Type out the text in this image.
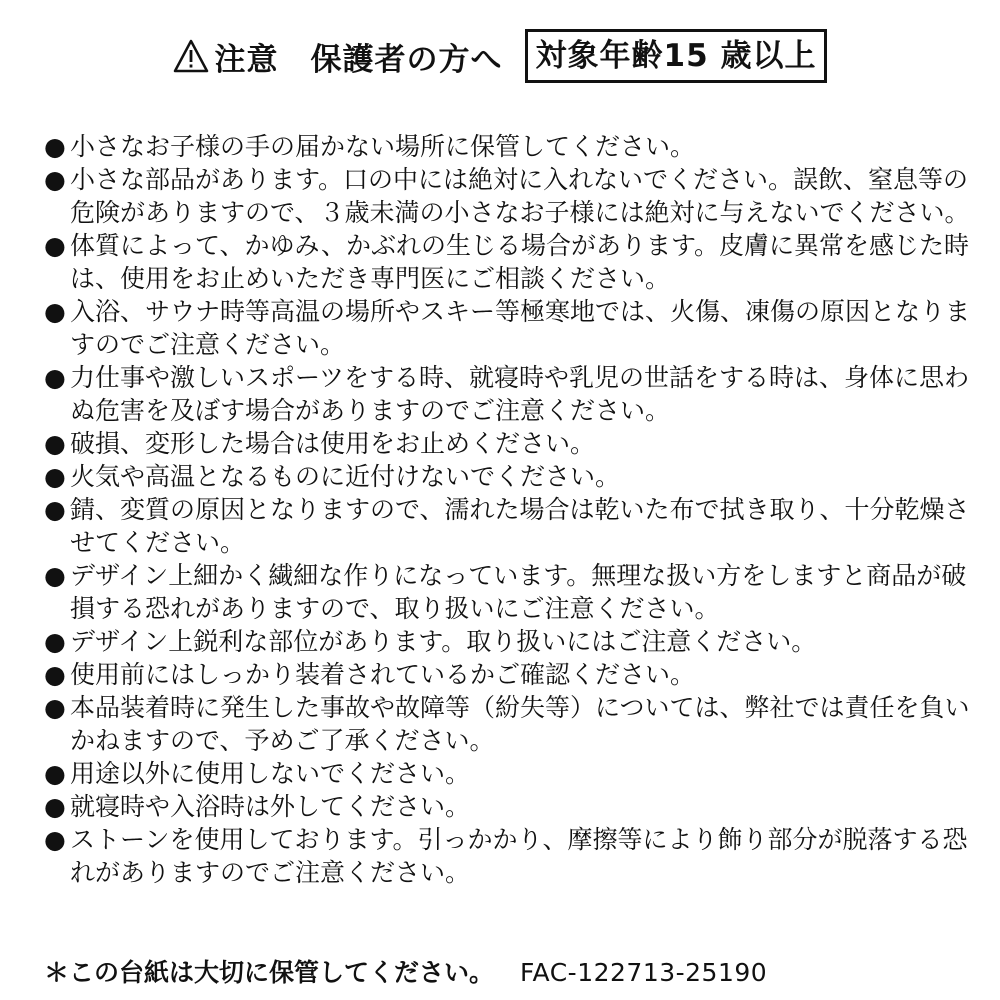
注意 保護者の方へ	対象年齢15 歳以上
● 小さなお子様の手の届かない場所に保管してください。
● 小さな部品があります。口の中には絶対に入れないでください。誤飲、窒息等の危険がありますので、３歳未満の小さなお子様には絶対に与えないでください。
● 体質によって、かゆみ、かぶれの生じる場合があります。皮膚に異常を感じた時は、使用をお止めいただき専門医にご相談ください。
● 入浴、サウナ時等高温の場所やスキー等極寒地では、火傷、凍傷の原因となりますのでご注意ください。
● 力仕事や激しいスポーツをする時、就寝時や乳児の世話をする時は、身体に思わぬ危害を及ぼす場合がありますのでご注意ください。
● 破損、変形した場合は使用をお止めください。
● 火気や高温となるものに近付けないでください。
● 錆、変質の原因となりますので、濡れた場合は乾いた布で拭き取り、十分乾燥させてください。
● デザイン上細かく繊細な作りになっています。無理な扱い方をしますと商品が破損する恐れがありますので、取り扱いにご注意ください。
● デザイン上鋭利な部位があります。取り扱いにはご注意ください。
● 使用前にはしっかり装着されているかご確認ください。
● 本品装着時に発生した事故や故障等（紛失等）については、弊社では責任を負いかねますので、予めご了承ください。
● 用途以外に使用しないでください。
● 就寝時や入浴時は外してください。
● ストーンを使用しております。引っかかり、摩擦等により飾り部分が脱落する恐れがありますのでご注意ください。
＊この台紙は大切に保管してください。 FAC-122713-25190
